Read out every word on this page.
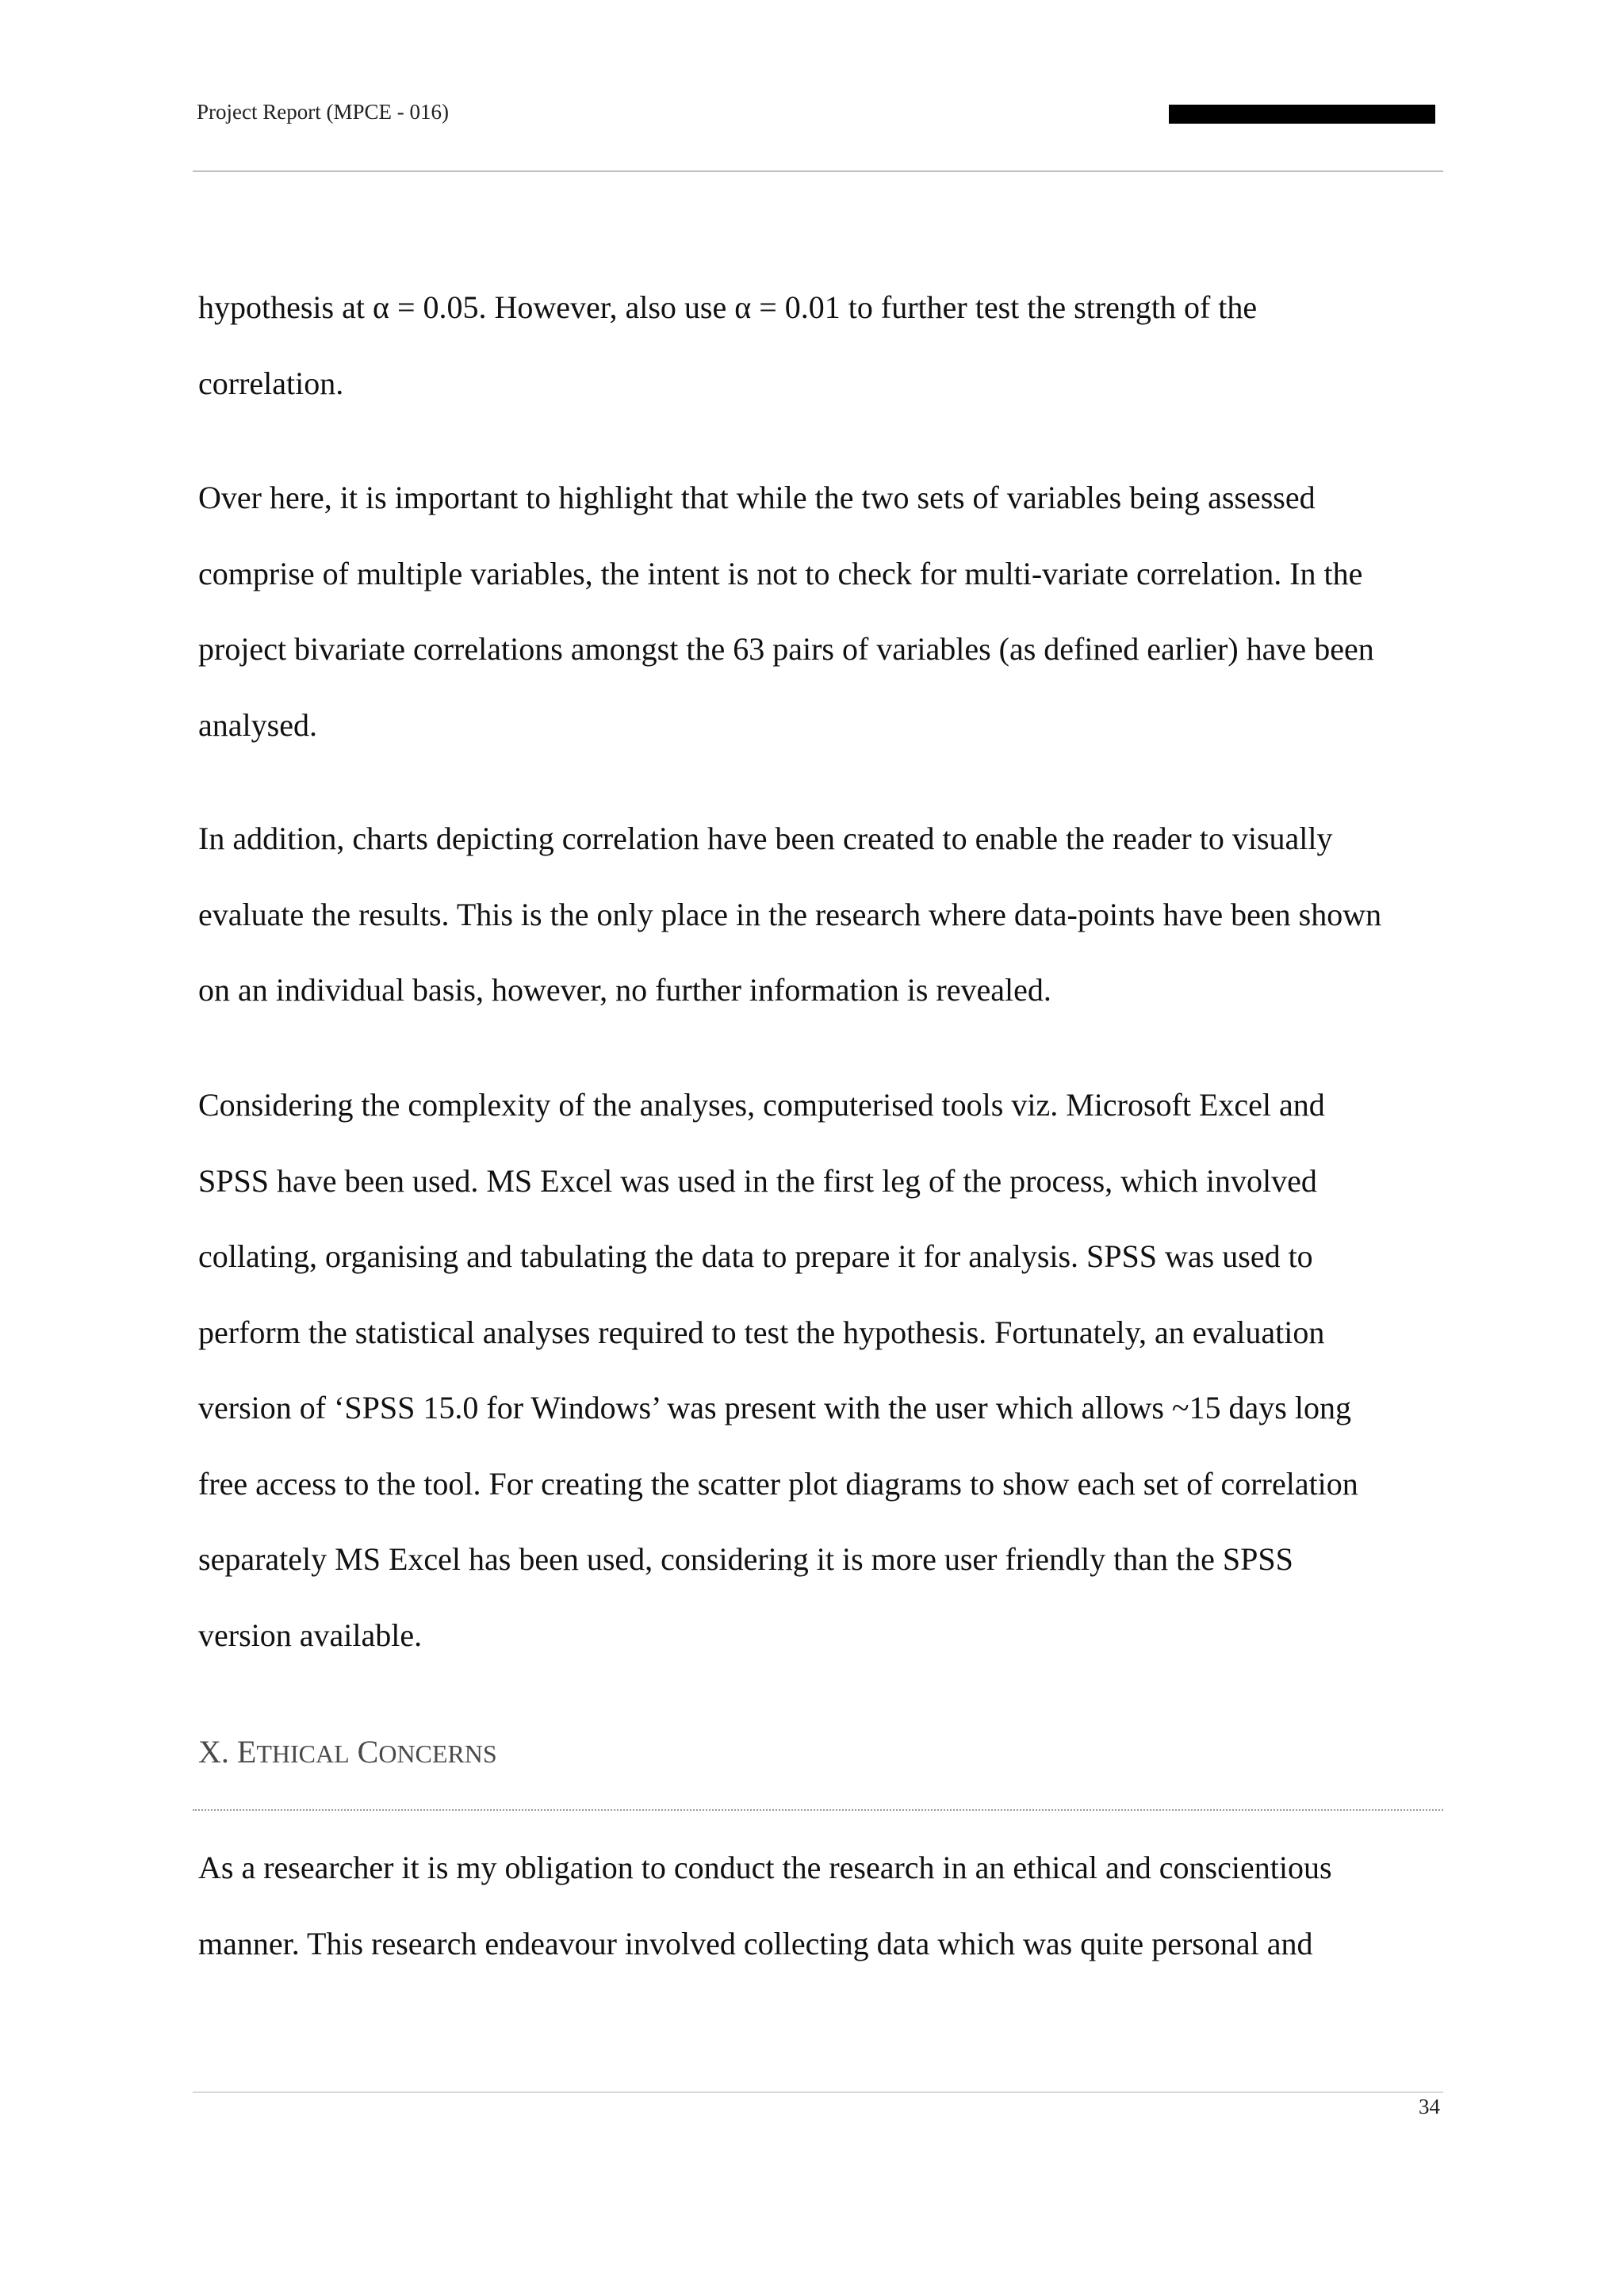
Project Report (MPCE - 016)

hypothesis at α = 0.05. However, also use α = 0.01 to further test the strength of the

correlation.

Over here, it is important to highlight that while the two sets of variables being assessed

comprise of multiple variables, the intent is not to check for multi-variate correlation. In the

project bivariate correlations amongst the 63 pairs of variables (as defined earlier) have been

analysed.

In addition, charts depicting correlation have been created to enable the reader to visually

evaluate the results. This is the only place in the research where data-points have been shown

on an individual basis, however, no further information is revealed.

Considering the complexity of the analyses, computerised tools viz. Microsoft Excel and

SPSS have been used. MS Excel was used in the first leg of the process, which involved

collating, organising and tabulating the data to prepare it for analysis. SPSS was used to

perform the statistical analyses required to test the hypothesis. Fortunately, an evaluation

version of ‘SPSS 15.0 for Windows’ was present with the user which allows ~15 days long

free access to the tool. For creating the scatter plot diagrams to show each set of correlation

separately MS Excel has been used, considering it is more user friendly than the SPSS

version available.

X. ETHICAL CONCERNS

As a researcher it is my obligation to conduct the research in an ethical and conscientious

manner. This research endeavour involved collecting data which was quite personal and

34
